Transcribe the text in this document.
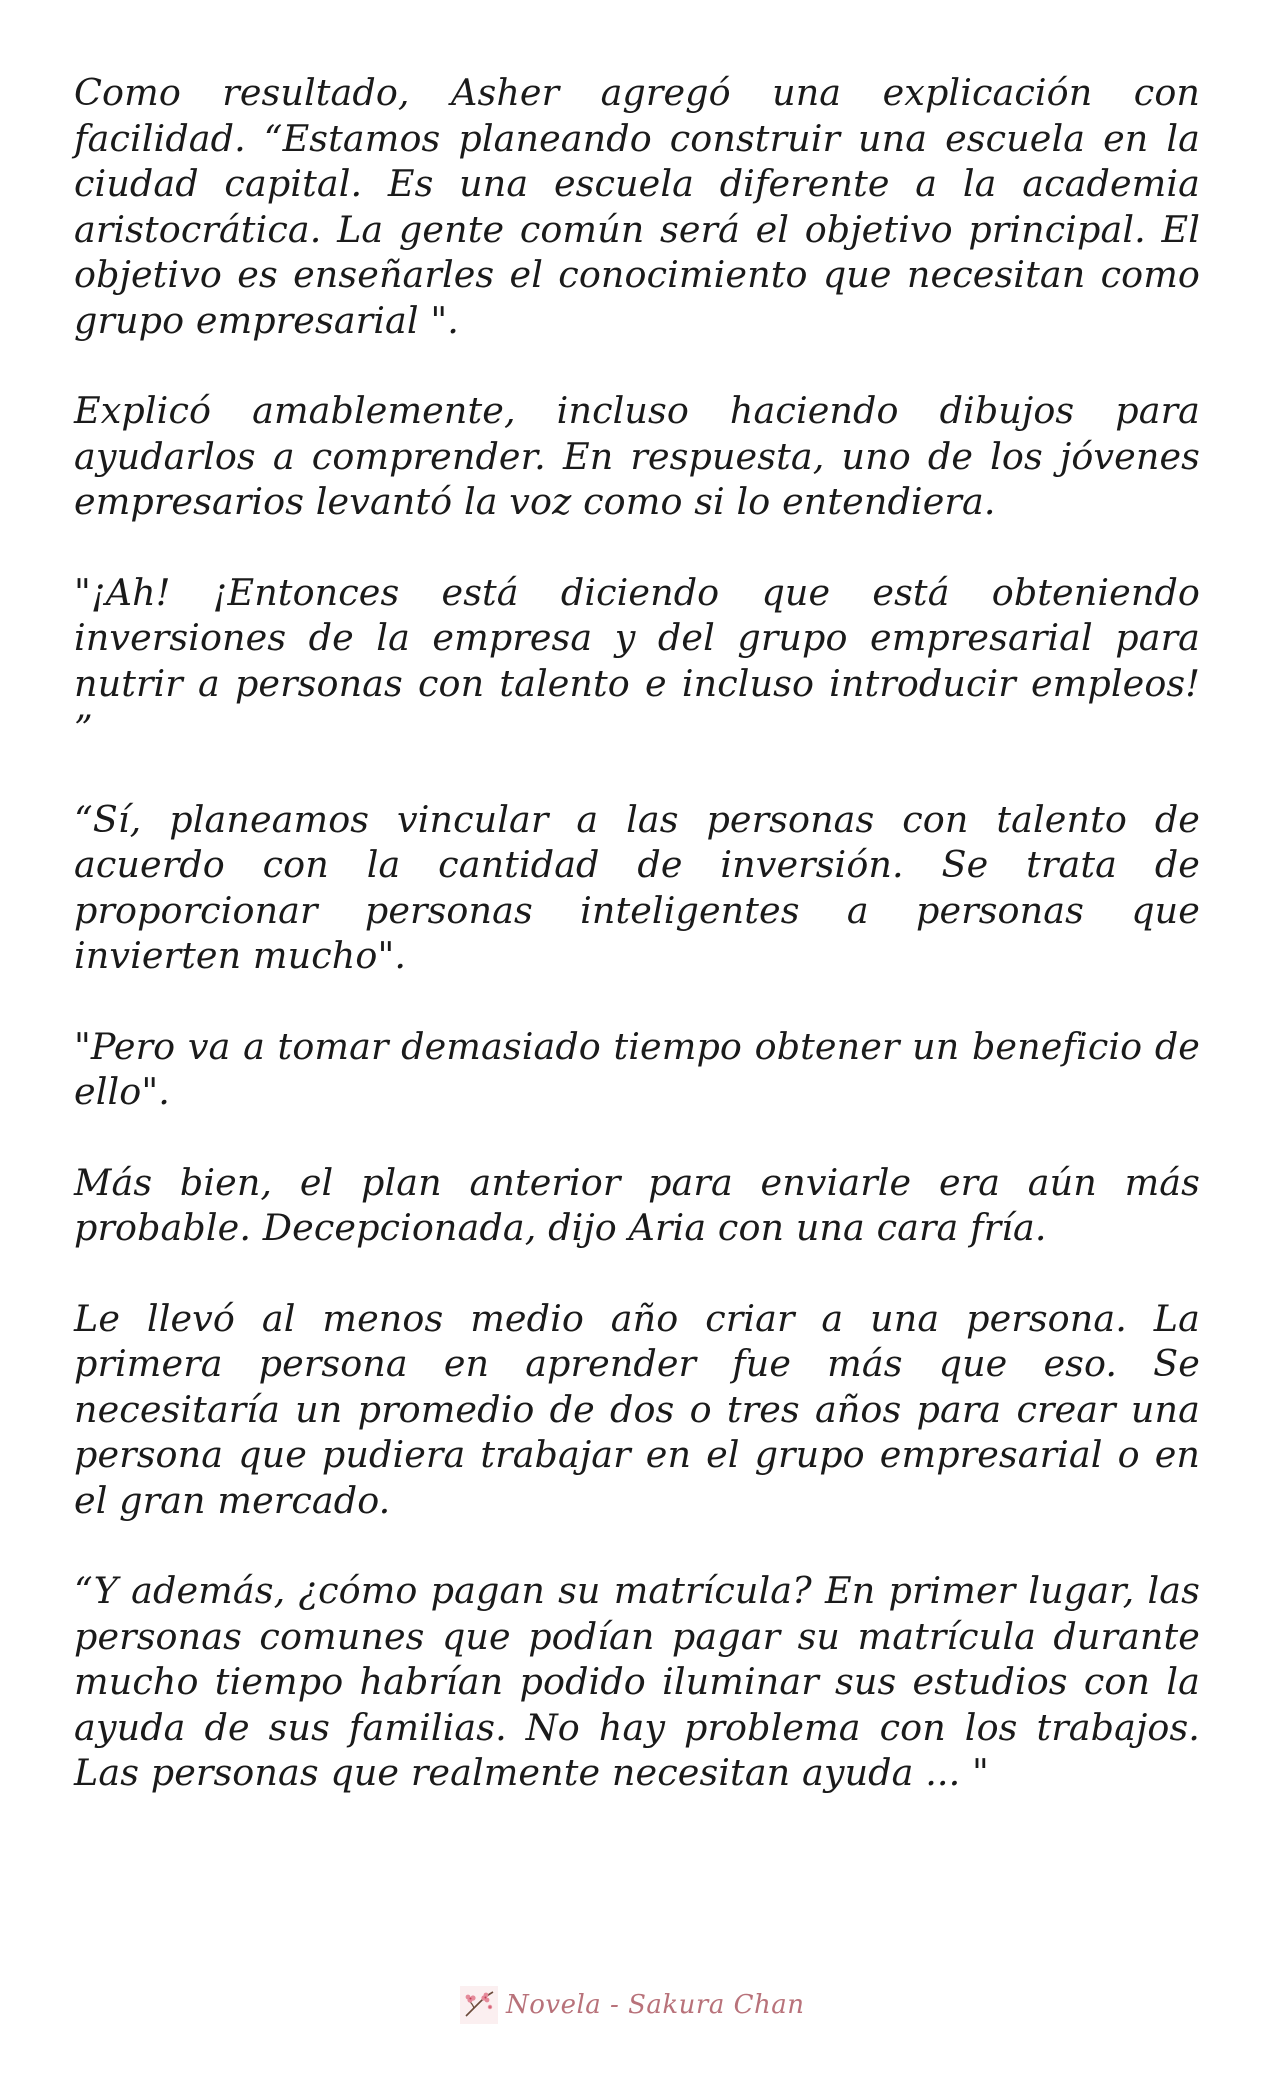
Como resultado, Asher agregó una explicación con facilidad. “Estamos planeando construir una escuela en la ciudad capital. Es una escuela diferente a la academia aristocrática. La gente común será el objetivo principal. El objetivo es enseñarles el conocimiento que necesitan como grupo empresarial ".

Explicó amablemente, incluso haciendo dibujos para ayudarlos a comprender. En respuesta, uno de los jóvenes empresarios levantó la voz como si lo entendiera.

"¡Ah! ¡Entonces está diciendo que está obteniendo inversiones de la empresa y del grupo empresarial para nutrir a personas con talento e incluso introducir empleos! ”

“Sí, planeamos vincular a las personas con talento de acuerdo con la cantidad de inversión. Se trata de proporcionar personas inteligentes a personas que invierten mucho".

"Pero va a tomar demasiado tiempo obtener un beneficio de ello".

Más bien, el plan anterior para enviarle era aún más probable. Decepcionada, dijo Aria con una cara fría.

Le llevó al menos medio año criar a una persona. La primera persona en aprender fue más que eso. Se necesitaría un promedio de dos o tres años para crear una persona que pudiera trabajar en el grupo empresarial o en el gran mercado.

“Y además, ¿cómo pagan su matrícula? En primer lugar, las personas comunes que podían pagar su matrícula durante mucho tiempo habrían podido iluminar sus estudios con la ayuda de sus familias. No hay problema con los trabajos. Las personas que realmente necesitan ayuda ... "

Novela - Sakura Chan
